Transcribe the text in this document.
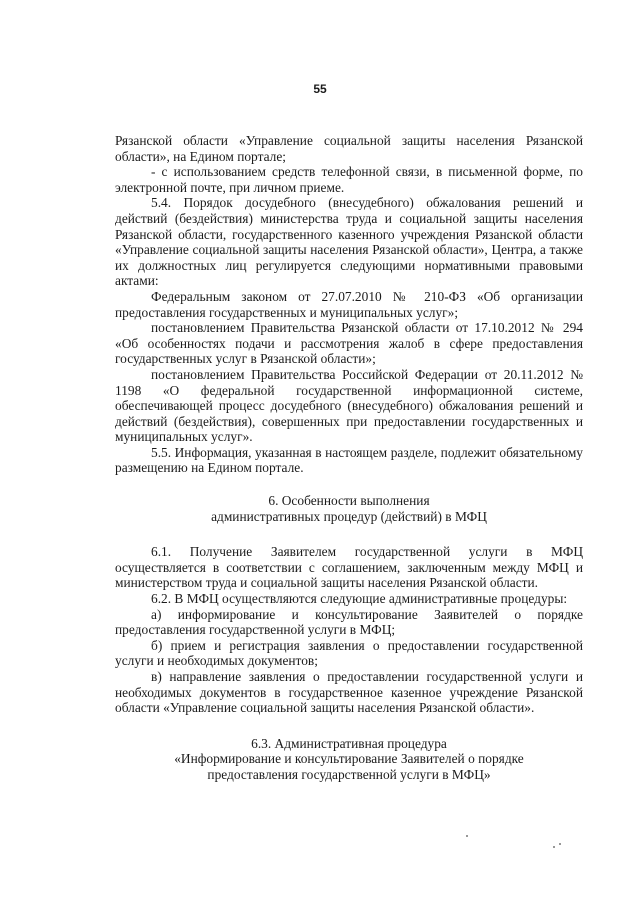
55

Рязанской области «Управление социальной защиты населения Рязанской области», на Едином портале;

- с использованием средств телефонной связи, в письменной форме, по электронной почте, при личном приеме.

5.4. Порядок досудебного (внесудебного) обжалования решений и действий (бездействия) министерства труда и социальной защиты населения Рязанской области, государственного казенного учреждения Рязанской области «Управление социальной защиты населения Рязанской области», Центра, а также их должностных лиц регулируется следующими нормативными правовыми актами:

Федеральным законом от 27.07.2010 № 210-ФЗ «Об организации предоставления государственных и муниципальных услуг»;

постановлением Правительства Рязанской области от 17.10.2012 № 294 «Об особенностях подачи и рассмотрения жалоб в сфере предоставления государственных услуг в Рязанской области»;

постановлением Правительства Российской Федерации от 20.11.2012 № 1198 «О федеральной государственной информационной системе, обеспечивающей процесс досудебного (внесудебного) обжалования решений и действий (бездействия), совершенных при предоставлении государственных и муниципальных услуг».

5.5. Информация, указанная в настоящем разделе, подлежит обязательному размещению на Едином портале.

6. Особенности выполнения

административных процедур (действий) в МФЦ

6.1. Получение Заявителем государственной услуги в МФЦ осуществляется в соответствии с соглашением, заключенным между МФЦ и министерством труда и социальной защиты населения Рязанской области.

6.2. В МФЦ осуществляются следующие административные процедуры:

а) информирование и консультирование Заявителей о порядке предоставления государственной услуги в МФЦ;

б) прием и регистрация заявления о предоставлении государственной услуги и необходимых документов;

в) направление заявления о предоставлении государственной услуги и необходимых документов в государственное казенное учреждение Рязанской области «Управление социальной защиты населения Рязанской области».

6.3. Административная процедура

«Информирование и консультирование Заявителей о порядке

предоставления государственной услуги в МФЦ»
